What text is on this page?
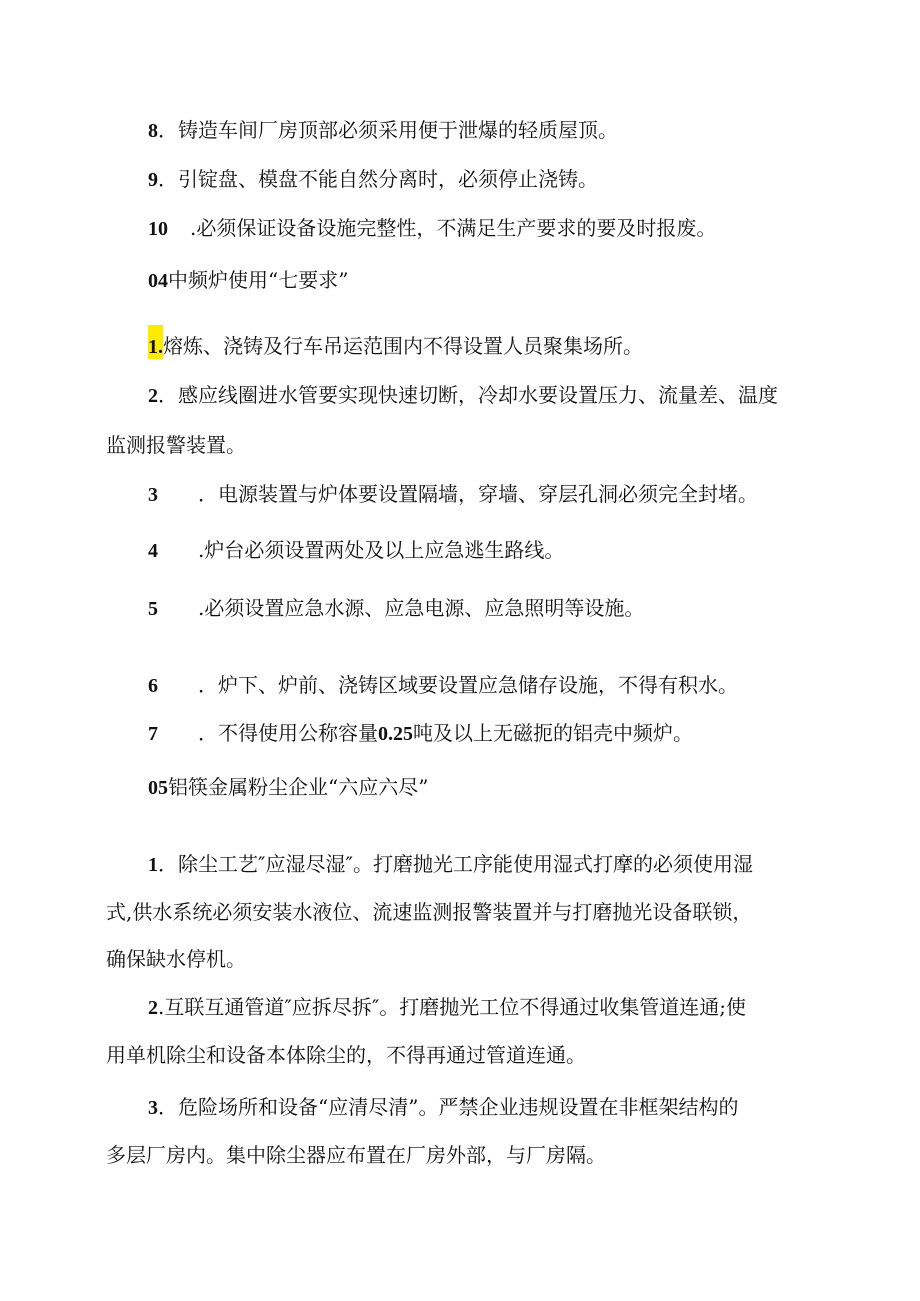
8．铸造车间厂房顶部必须采用便于泄爆的轻质屋顶。
9．引锭盘、模盘不能自然分离时，必须停止浇铸。
10 .必须保证设备设施完整性，不满足生产要求的要及时报废。
04中频炉使用“七要求”
1.熔炼、浇铸及行车吊运范围内不得设置人员聚集场所。
2．感应线圈进水管要实现快速切断，冷却水要设置压力、流量差、温度
监测报警装置。
3 ．电源装置与炉体要设置隔墙，穿墙、穿层孔洞必须完全封堵。
4 .炉台必须设置两处及以上应急逃生路线。
5 .必须设置应急水源、应急电源、应急照明等设施。
6 ．炉下、炉前、浇铸区域要设置应急储存设施，不得有积水。
7 ．不得使用公称容量0.25吨及以上无磁扼的铝壳中频炉。
05铝筷金属粉尘企业“六应六尽”
1．除尘工艺″应湿尽湿″。打磨抛光工序能使用湿式打摩的必须使用湿
式,供水系统必须安装水液位、流速监测报警装置并与打磨抛光设备联锁，
确保缺水停机。
2.互联互通管道″应拆尽拆″。打磨抛光工位不得通过收集管道连通;使
用单机除尘和设备本体除尘的，不得再通过管道连通。
3．危险场所和设备“应清尽清”。严禁企业违规设置在非框架结构的
多层厂房内。集中除尘器应布置在厂房外部，与厂房隔。
